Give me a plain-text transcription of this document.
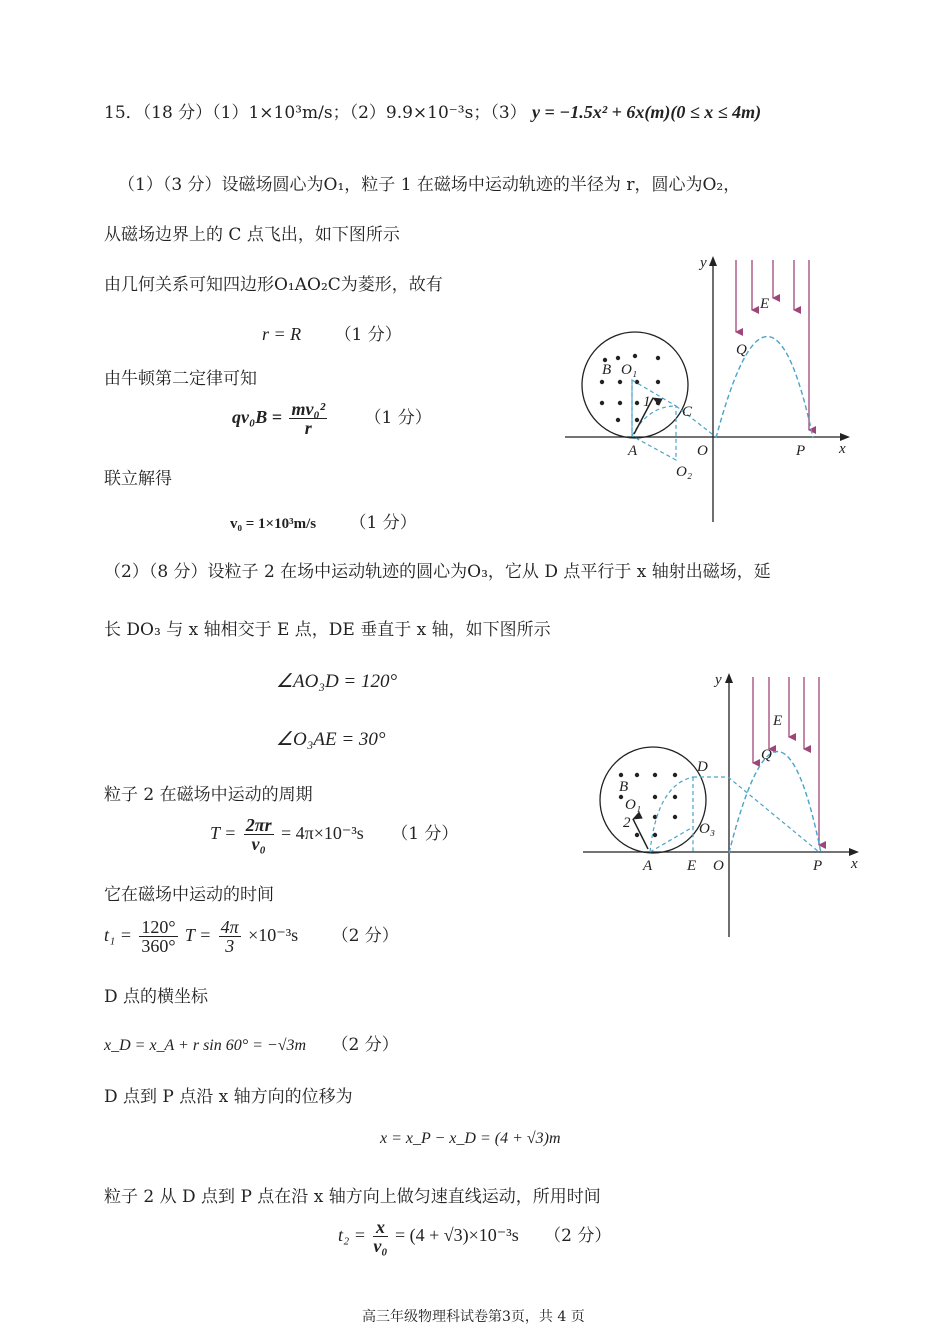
15．（18 分）（1）1×10³m/s；（2）9.9×10⁻³s；（3） y = −1.5x² + 6x(m)(0 ≤ x ≤ 4m)
（1）（3 分）设磁场圆心为O₁，粒子 1 在磁场中运动轨迹的半径为 r，圆心为O₂，
从磁场边界上的 C 点飞出，如下图所示
由几何关系可知四边形O₁AO₂C为菱形，故有
r = R （1 分）
由牛顿第二定律可知
$qv_0B = \frac{\text{mv₀²}}{r} (1$ 分）
联立解得
v₀ = 1×10³m/s （1 分）
y
x
E
Q
B O₁
C
1
A	O
O₂
P
（2）（8 分）设粒子 2 在场中运动轨迹的圆心为O₃，它从 D 点平行于 x 轴射出磁场，延
长 DO₃ 与 x 轴相交于 E 点，DE 垂直于 x 轴，如下图所示
∠AO₃D = 120°
∠O₃AE = 30°
粒子 2 在磁场中运动的周期
$T = \frac{2\pi r}{\text{v₀}} = 4\pi\times 10^{-3}s$ （1 分）
它在磁场中运动的时间
$t_1 = \frac{120^\circ}{360^\circ}$ $T = \frac{4\pi}{3} \times 10^{-3}s$ （2 分）
D 点的横坐标
x_D = x_A + r sin 60° = −√3m （2 分）
D 点到 P 点沿 x 轴方向的位移为
x = x_P − x_D = (4 + √3)m
粒子 2 从 D 点到 P 点在沿 x 轴方向上做匀速直线运动，所用时间
$t_2 = \frac{x}{\text{v₀}} = (4 + √3)\times 10^{-3}s$ （2 分）
y
x
E
Q
D
B
O₁
2	O₃
A E O	P
高三年级物理科试卷第3页，共 4 页
